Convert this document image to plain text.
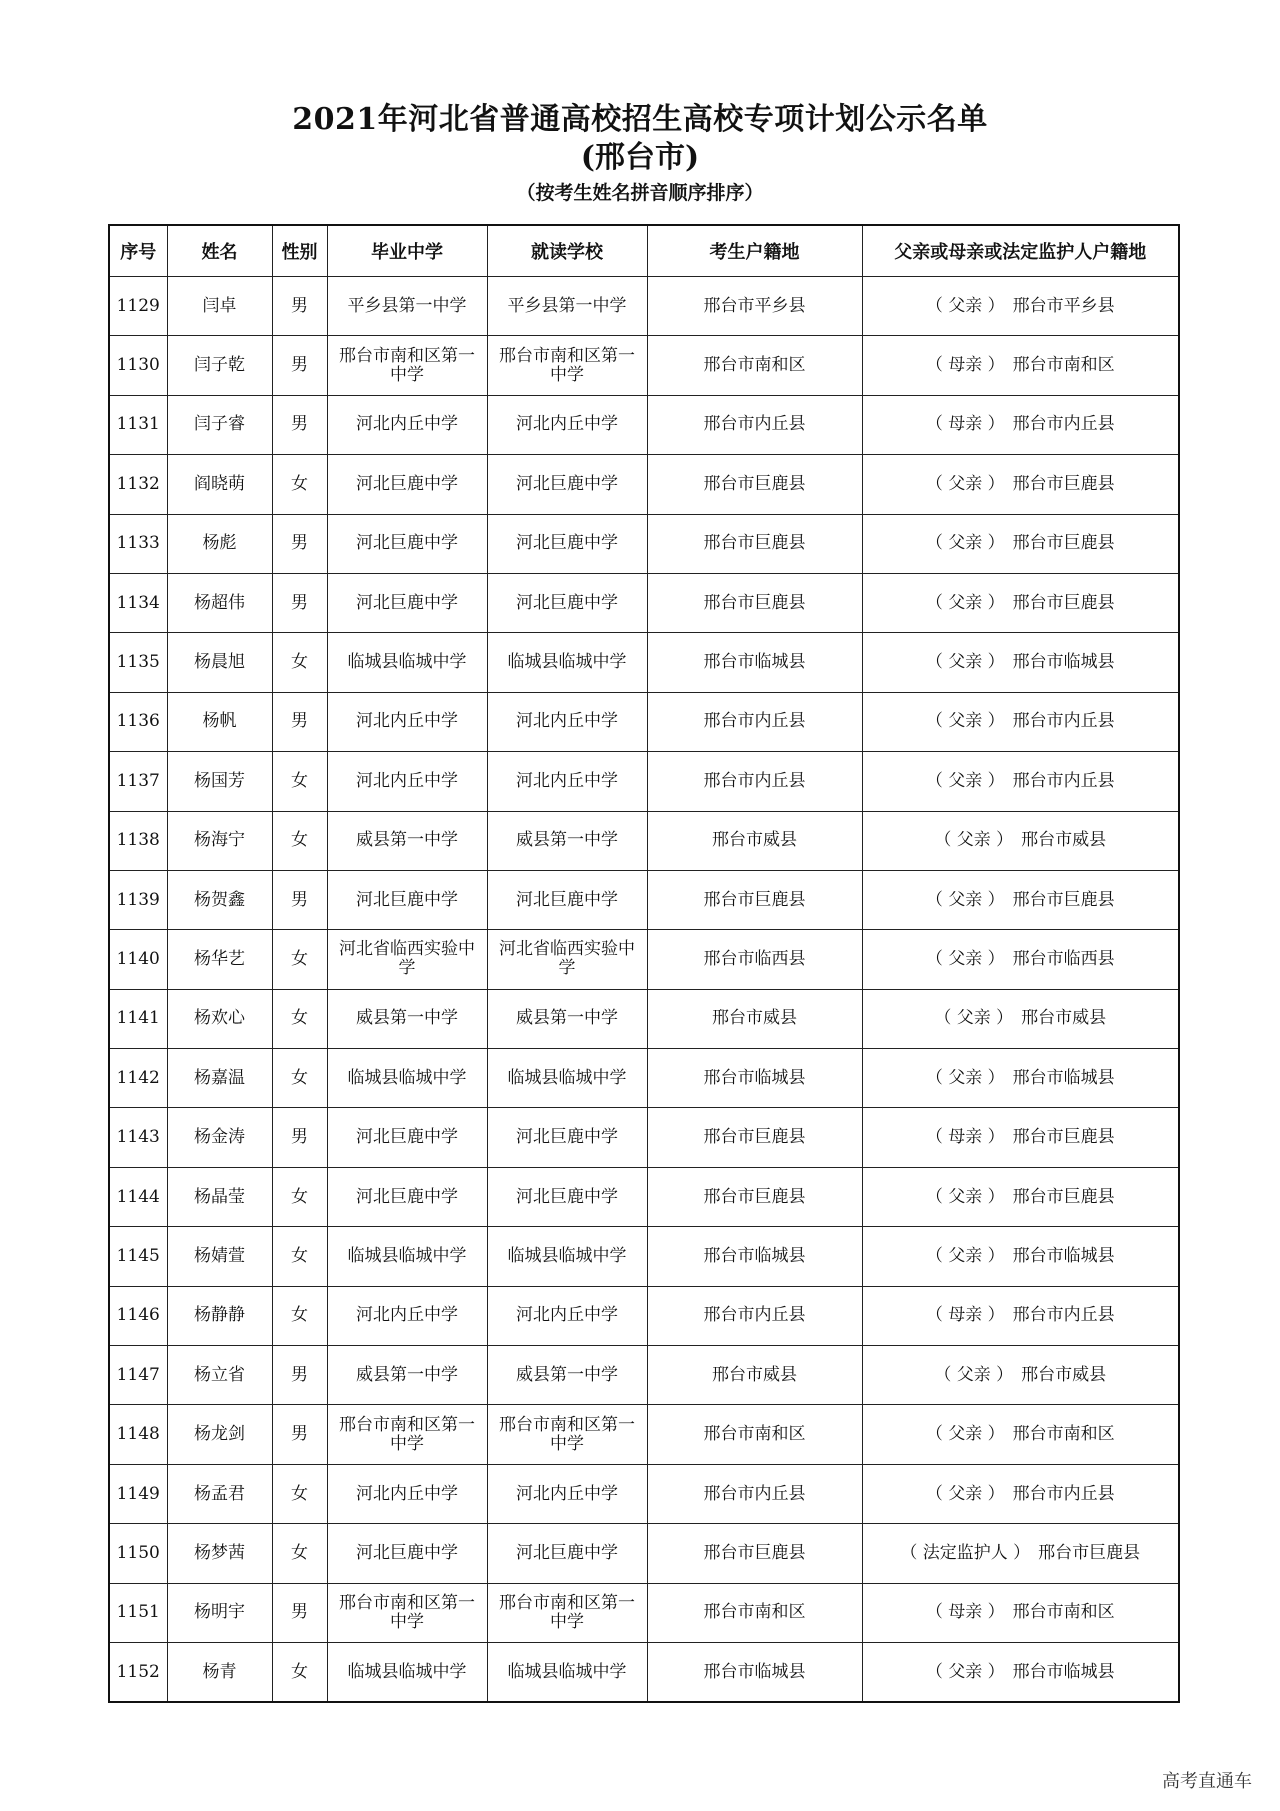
2021年河北省普通高校招生高校专项计划公示名单
(邢台市)
（按考生姓名拼音顺序排序）
序号	姓名	性别	毕业中学	就读学校	考生户籍地	父亲或母亲或法定监护人户籍地
1129	闫卓	男	平乡县第一中学	平乡县第一中学	邢台市平乡县	（ 父亲 ） 邢台市平乡县
1130	闫子乾	男	邢台市南和区第一中学	邢台市南和区第一中学	邢台市南和区	（ 母亲 ） 邢台市南和区
1131	闫子睿	男	河北内丘中学	河北内丘中学	邢台市内丘县	（ 母亲 ） 邢台市内丘县
1132	阎晓萌	女	河北巨鹿中学	河北巨鹿中学	邢台市巨鹿县	（ 父亲 ） 邢台市巨鹿县
1133	杨彪	男	河北巨鹿中学	河北巨鹿中学	邢台市巨鹿县	（ 父亲 ） 邢台市巨鹿县
1134	杨超伟	男	河北巨鹿中学	河北巨鹿中学	邢台市巨鹿县	（ 父亲 ） 邢台市巨鹿县
1135	杨晨旭	女	临城县临城中学	临城县临城中学	邢台市临城县	（ 父亲 ） 邢台市临城县
1136	杨帆	男	河北内丘中学	河北内丘中学	邢台市内丘县	（ 父亲 ） 邢台市内丘县
1137	杨国芳	女	河北内丘中学	河北内丘中学	邢台市内丘县	（ 父亲 ） 邢台市内丘县
1138	杨海宁	女	威县第一中学	威县第一中学	邢台市威县	（ 父亲 ） 邢台市威县
1139	杨贺鑫	男	河北巨鹿中学	河北巨鹿中学	邢台市巨鹿县	（ 父亲 ） 邢台市巨鹿县
1140	杨华艺	女	河北省临西实验中学	河北省临西实验中学	邢台市临西县	（ 父亲 ） 邢台市临西县
1141	杨欢心	女	威县第一中学	威县第一中学	邢台市威县	（ 父亲 ） 邢台市威县
1142	杨嘉温	女	临城县临城中学	临城县临城中学	邢台市临城县	（ 父亲 ） 邢台市临城县
1143	杨金涛	男	河北巨鹿中学	河北巨鹿中学	邢台市巨鹿县	（ 母亲 ） 邢台市巨鹿县
1144	杨晶莹	女	河北巨鹿中学	河北巨鹿中学	邢台市巨鹿县	（ 父亲 ） 邢台市巨鹿县
1145	杨婧萱	女	临城县临城中学	临城县临城中学	邢台市临城县	（ 父亲 ） 邢台市临城县
1146	杨静静	女	河北内丘中学	河北内丘中学	邢台市内丘县	（ 母亲 ） 邢台市内丘县
1147	杨立省	男	威县第一中学	威县第一中学	邢台市威县	（ 父亲 ） 邢台市威县
1148	杨龙剑	男	邢台市南和区第一中学	邢台市南和区第一中学	邢台市南和区	（ 父亲 ） 邢台市南和区
1149	杨孟君	女	河北内丘中学	河北内丘中学	邢台市内丘县	（ 父亲 ） 邢台市内丘县
1150	杨梦茜	女	河北巨鹿中学	河北巨鹿中学	邢台市巨鹿县	（ 法定监护人 ） 邢台市巨鹿县
1151	杨明宇	男	邢台市南和区第一中学	邢台市南和区第一中学	邢台市南和区	（ 母亲 ） 邢台市南和区
1152	杨青	女	临城县临城中学	临城县临城中学	邢台市临城县	（ 父亲 ） 邢台市临城县
高考直通车
